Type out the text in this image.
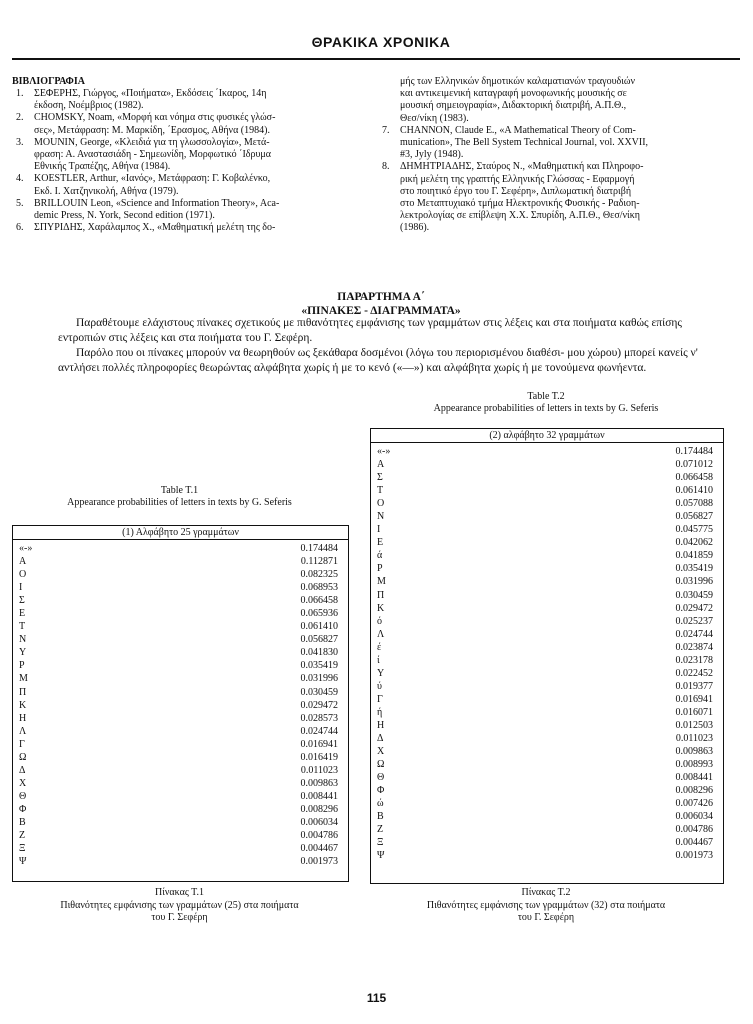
ΘΡΑΚΙΚΑ ΧΡΟΝΙΚΑ
ΒΙΒΛΙΟΓΡΑΦΙΑ
1. ΣΕΦΕΡΗΣ, Γιώργος, «Ποιήματα», Εκδόσεις ΄Ικαρος, 14η
έκδοση, Νοέμβριος (1982).
2. CHOMSKY, Noam, «Μορφή και νόημα στις φυσικές γλώσ-
σες», Μετάφραση: Μ. Μαρκίδη, ΄Ερασμος, Αθήνα (1984).
3. MOUNIN, George, «Κλειδιά για τη γλωσσολογία», Μετά-
φραση: Α. Αναστασιάδη - Σημεωνίδη, Μορφωτικό ΄Ιδρυμα
Εθνικής Τραπέζης, Αθήνα (1984).
4. KOESTLER, Arthur, «Ιανός», Μετάφραση: Γ. Κοβαλένκο,
Εκδ. Ι. Χατζηνικολή, Αθήνα (1979).
5. BRILLOUIN Leon, «Science and Information Theory», Aca-
demic Press, N. York, Second edition (1971).
6. ΣΠΥΡΙΔΗΣ, Χαράλαμπος Χ., «Μαθηματική μελέτη της δο-
μής των Ελληνικών δημοτικών καλαματιανών τραγουδιών
και αντικειμενική καταγραφή μονοφωνικής μουσικής σε
μουσική σημειογραφία», Διδακτορική διατριβή, Α.Π.Θ.,
Θεσ/νίκη (1983).
7. CHANNON, Claude E., «A Mathematical Theory of Com-
munication», The Bell System Technical Journal, vol. XXVII,
#3, Jyly (1948).
8. ΔΗΜΗΤΡΙΑΔΗΣ, Σταύρος Ν., «Μαθηματική και Πληροφο-
ρική μελέτη της γραπτής Ελληνικής Γλώσσας - Εφαρμογή
στο ποιητικό έργο του Γ. Σεφέρη», Διπλωματική διατριβή
στο Μεταπτυχιακό τμήμα Ηλεκτρονικής Φυσικής - Ραδιοη-
λεκτρολογίας σε επίβλεψη Χ.Χ. Σπυρίδη, Α.Π.Θ., Θεσ/νίκη
(1986).
ΠΑΡΑΡΤΗΜΑ Α΄
«ΠΙΝΑΚΕΣ - ΔΙΑΓΡΑΜΜΑΤΑ»

Παραθέτουμε ελάχιστους πίνακες σχετικούς με πιθανότητες εμφάνισης των γραμμάτων στις λέξεις και στα ποιήματα καθώς επίσης εντροπιών στις λέξεις και στα ποιήματα του Γ. Σεφέρη.

Παρόλο που οι πίνακες μπορούν να θεωρηθούν ως ξεκάθαρα δοσμένοι (λόγω του περιορισμένου διαθέσι- μου χώρου) μπορεί κανείς ν' αντλήσει πολλές πληροφορίες θεωρώντας αλφάβητα χωρίς ή με το κενό («—») και αλφάβητα χωρίς ή με τονούμενα φωνήεντα.

Table T.1
Appearance probabilities of letters in texts by G. Seferis
(1) Αλφάβητο 25 γραμμάτων
«-»	0.174484
Α	0.112871
Ο	0.082325
Ι	0.068953
Σ	0.066458
Ε	0.065936
Τ	0.061410
Ν	0.056827
Υ	0.041830
Ρ	0.035419
Μ	0.031996
Π	0.030459
Κ	0.029472
Η	0.028573
Λ	0.024744
Γ	0.016941
Ω	0.016419
Δ	0.011023
Χ	0.009863
Θ	0.008441
Φ	0.008296
Β	0.006034
Ζ	0.004786
Ξ	0.004467
Ψ	0.001973
Πίνακας Τ.1
Πιθανότητες εμφάνισης των γραμμάτων (25) στα ποιήματα
του Γ. Σεφέρη
Table T.2
Appearance probabilities of letters in texts by G. Seferis
(2) αλφάβητο 32 γραμμάτων
«-»	0.174484
Α	0.071012
Σ	0.066458
Τ	0.061410
Ο	0.057088
Ν	0.056827
Ι	0.045775
Ε	0.042062
ά	0.041859
Ρ	0.035419
Μ	0.031996
Π	0.030459
Κ	0.029472
ό	0.025237
Λ	0.024744
έ	0.023874
ί	0.023178
Υ	0.022452
ύ	0.019377
Γ	0.016941
ή	0.016071
Η	0.012503
Δ	0.011023
Χ	0.009863
Ω	0.008993
Θ	0.008441
Φ	0.008296
ώ	0.007426
Β	0.006034
Ζ	0.004786
Ξ	0.004467
Ψ	0.001973
Πίνακας Τ.2
Πιθανότητες εμφάνισης των γραμμάτων (32) στα ποιήματα
του Γ. Σεφέρη
115
